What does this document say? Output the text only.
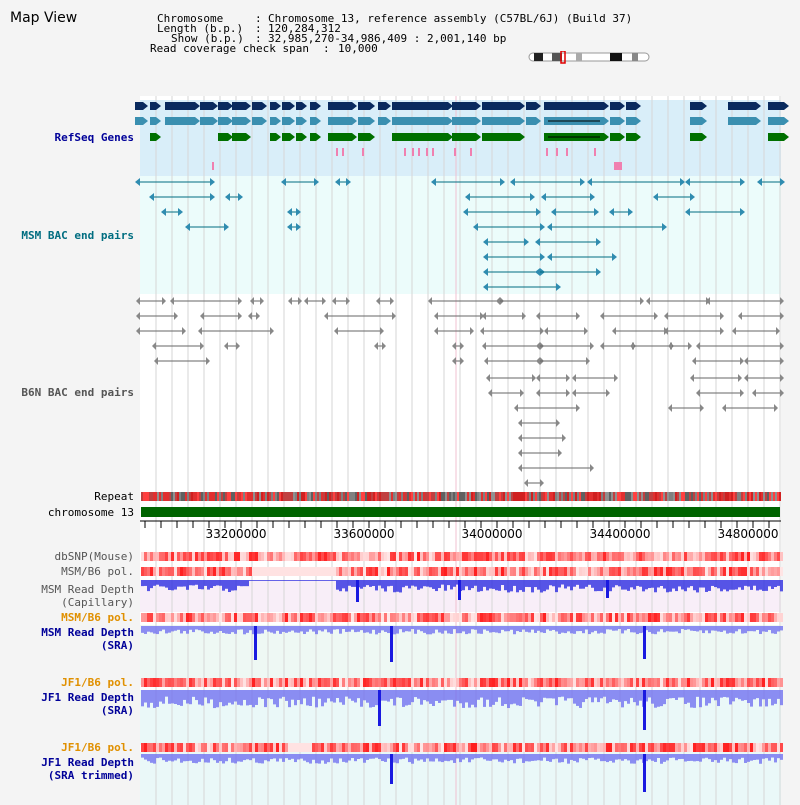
Map View	Chromosome	: Chromosome 13, reference assembly (C57BL/6J) (Build 37)
Length (b.p.) : 120,284,312
Show (b.p.) : 32,985,270-34,986,409 : 2,001,140 bp
Read coverage check span : 10,000
RefSeq Genes
MSM BAC end pairs
B6N BAC end pairs
Repeat
chromosome 13
dbSNP(Mouse)
MSM/B6 pol.
MSM Read Depth
(Capillary)
MSM/B6 pol.
MSM Read Depth
(SRA)
JF1/B6 pol.
JF1 Read Depth
(SRA)
JF1/B6 pol.
JF1 Read Depth
(SRA trimmed)
33200000	33600000	34000000	34400000	34800000
